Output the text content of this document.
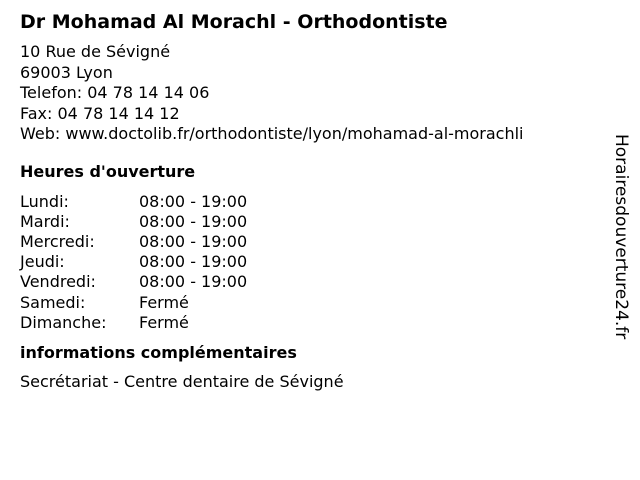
Dr Mohamad Al Morachl - Orthodontiste
10 Rue de Sévigné
69003 Lyon
Telefon: 04 78 14 14 06
Fax: 04 78 14 14 12
Web: www.doctolib.fr/orthodontiste/lyon/mohamad-al-morachli
Heures d'ouverture
Lundi:	08:00 - 19:00
Mardi:	08:00 - 19:00
Mercredi:	08:00 - 19:00
Jeudi:	08:00 - 19:00
Vendredi:	08:00 - 19:00
Samedi:	Fermé
Dimanche:	Fermé
informations complémentaires
Secrétariat - Centre dentaire de Sévigné
Horairesdouverture24.fr
